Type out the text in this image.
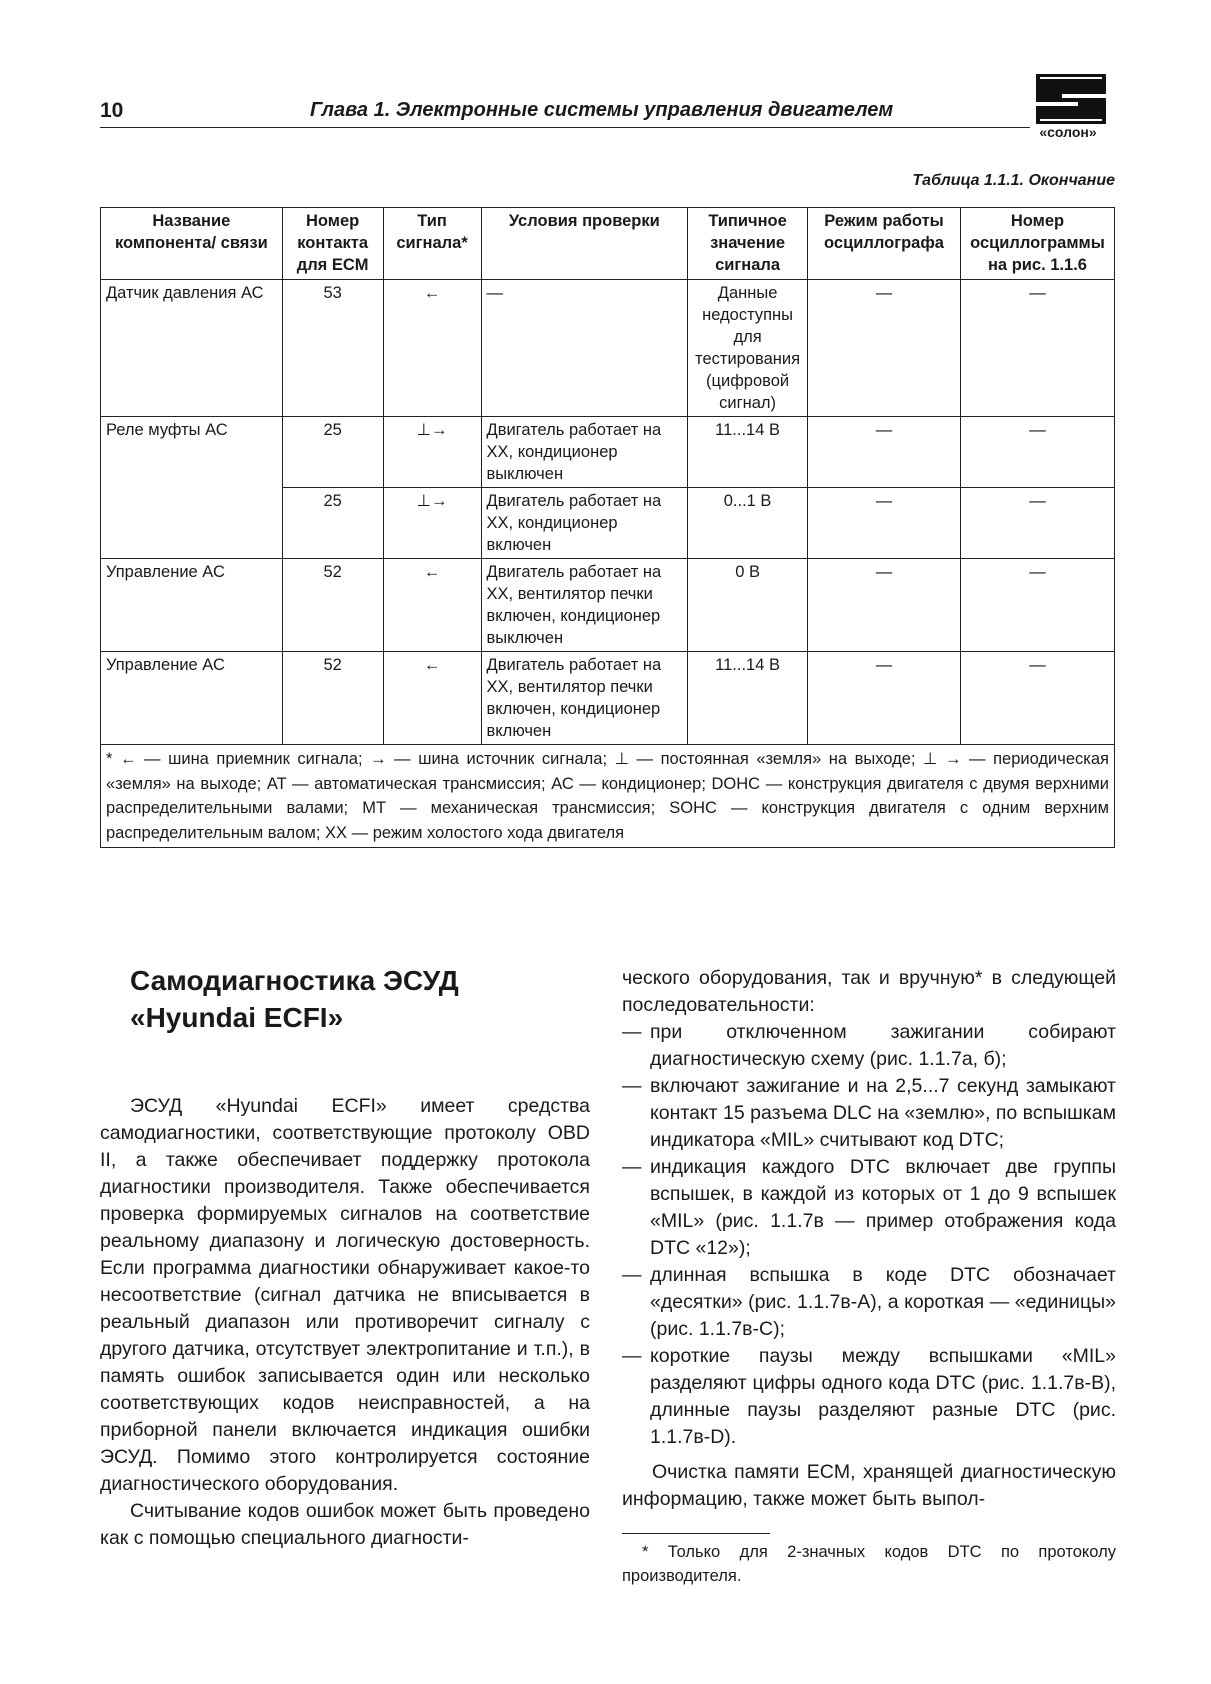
10	Глава 1. Электронные системы управления двигателем
«солон»
Таблица 1.1.1. Окончание
Название компонента/ связи	Номер контакта для ECM	Тип сигнала*	Условия проверки	Типичное значение сигнала	Режим работы осциллографа	Номер осциллограммы на рис. 1.1.6
Датчик давления АС	53	←	—	Данные недоступны для тестирования (цифровой сигнал)	—	—
Реле муфты АС	25	⊥→	Двигатель работает на XX, кондиционер выключен	11...14 В	—	—
	25	⊥→	Двигатель работает на XX, кондиционер включен	0...1 В	—	—
Управление АС	52	←	Двигатель работает на XX, вентилятор печки включен, кондиционер выключен	0 В	—	—
Управление АС	52	←	Двигатель работает на XX, вентилятор печки включен, кондиционер включен	11...14 В	—	—
* ← — шина приемник сигнала; → — шина источник сигнала; ⊥ — постоянная «земля» на выходе; ⊥ → — периодическая «земля» на выходе; AT — автоматическая трансмиссия; АС — кондиционер; DOHC — конструкция двигателя с двумя верхними распределительными валами; МТ — механическая трансмиссия; SOHC — конструкция двигателя с одним верхним распределительным валом; XX — режим холостого хода двигателя						
Самодиагностика ЭСУД «Hyundai ECFI»

ЭСУД «Hyundai ECFI» имеет средства самодиагностики, соответствующие протоколу OBD II, а также обеспечивает поддержку протокола диагностики производителя. Также обеспечивается проверка формируемых сигналов на соответствие реальному диапазону и логическую достоверность. Если программа диагностики обнаруживает какое-то несоответствие (сигнал датчика не вписывается в реальный диапазон или противоречит сигналу с другого датчика, отсутствует электропитание и т.п.), в память ошибок записывается один или несколько соответствующих кодов неисправностей, а на приборной панели включается индикация ошибки ЭСУД. Помимо этого контролируется состояние диагностического оборудования.

Считывание кодов ошибок может быть проведено как с помощью специального диагности-

ческого оборудования, так и вручную* в следующей последовательности:

— при отключенном зажигании собирают диагностическую схему (рис. 1.1.7а, б);
— включают зажигание и на 2,5...7 секунд замыкают контакт 15 разъема DLC на «землю», по вспышкам индикатора «MIL» считывают код DTC;
— индикация каждого DTC включает две группы вспышек, в каждой из которых от 1 до 9 вспышек «MIL» (рис. 1.1.7в — пример отображения кода DTC «12»);
— длинная вспышка в коде DTC обозначает «десятки» (рис. 1.1.7в-А), а короткая — «единицы» (рис. 1.1.7в-С);
— короткие паузы между вспышками «MIL» разделяют цифры одного кода DTC (рис. 1.1.7в-В), длинные паузы разделяют разные DTC (рис. 1.1.7в-D).

Очистка памяти ECM, хранящей диагностическую информацию, также может быть выпол-

* Только для 2-значных кодов DTC по протоколу производителя.
